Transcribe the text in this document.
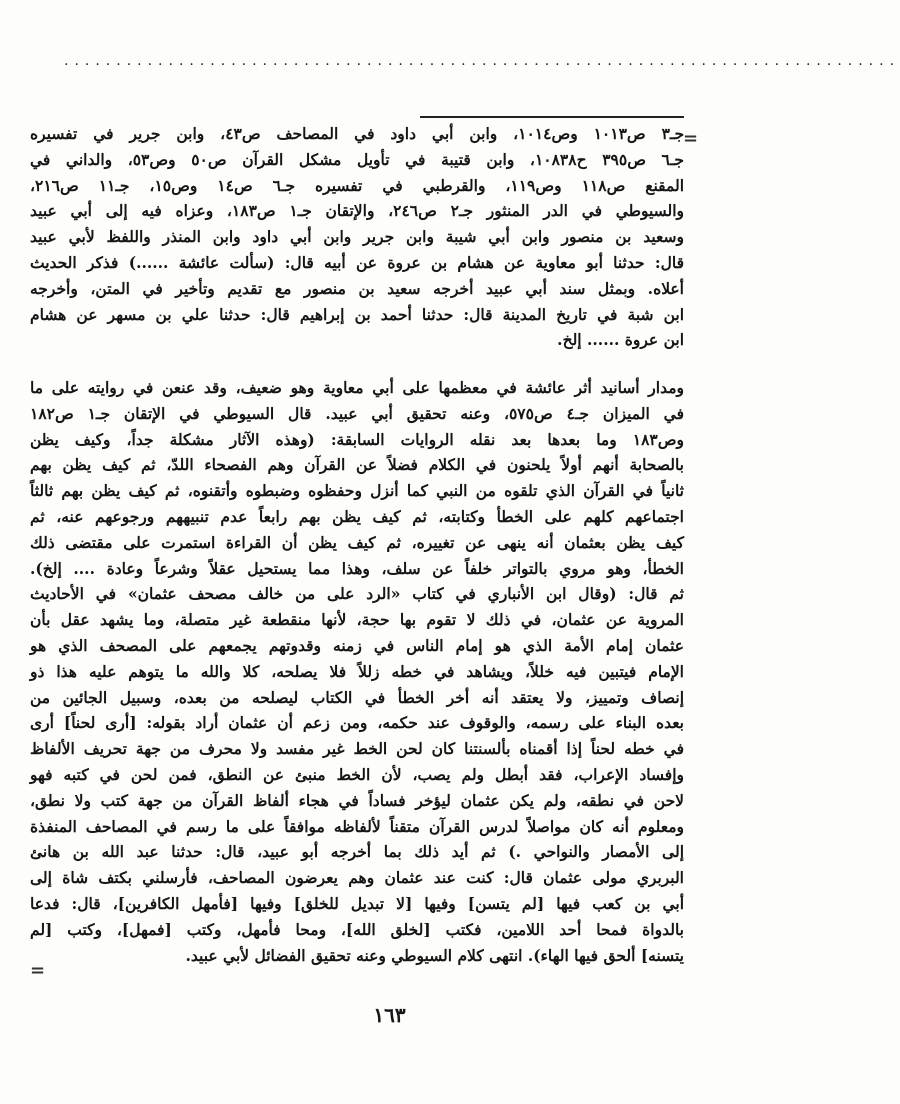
................................................................................
=
جـ٣ ص١٠١٣ وص١٠١٤، وابن أبي داود في المصاحف ص٤٣، وابن جرير في تفسيره
جـ٦ ص٣٩٥ ح١٠٨٣٨، وابن قتيبة في تأويل مشكل القرآن ص٥٠ وص٥٣، والداني في
المقنع ص١١٨ وص١١٩، والقرطبي في تفسيره جـ٦ ص١٤ وص١٥، جـ١١ ص٢١٦،
والسيوطي في الدر المنثور جـ٢ ص٢٤٦، والإتقان جـ١ ص١٨٣، وعزاه فيه إلى أبي عبيد
وسعيد بن منصور وابن أبي شيبة وابن جرير وابن أبي داود وابن المنذر واللفظ لأبي عبيد
قال: حدثنا أبو معاوية عن هشام بن عروة عن أبيه قال: (سألت عائشة ......) فذكر الحديث
أعلاه. وبمثل سند أبي عبيد أخرجه سعيد بن منصور مع تقديم وتأخير في المتن، وأخرجه
ابن شبة في تاريخ المدينة قال: حدثنا أحمد بن إبراهيم قال: حدثنا علي بن مسهر عن هشام
ابن عروة ...... إلخ.
ومدار أسانيد أثر عائشة في معظمها على أبي معاوية وهو ضعيف، وقد عنعن في روايته على ما
في الميزان جـ٤ ص٥٧٥، وعنه تحقيق أبي عبيد. قال السيوطي في الإتقان جـ١ ص١٨٢
وص١٨٣ وما بعدها بعد نقله الروايات السابقة: (وهذه الآثار مشكلة جداً، وكيف يظن
بالصحابة أنهم أولاً يلحنون في الكلام فضلاً عن القرآن وهم الفصحاء اللدّ، ثم كيف يظن بهم
ثانياً في القرآن الذي تلقوه من النبي كما أنزل وحفظوه وضبطوه وأتقنوه، ثم كيف يظن بهم ثالثاً
اجتماعهم كلهم على الخطأ وكتابته، ثم كيف يظن بهم رابعاً عدم تنبيههم ورجوعهم عنه، ثم
كيف يظن بعثمان أنه ينهى عن تغييره، ثم كيف يظن أن القراءة استمرت على مقتضى ذلك
الخطأ، وهو مروي بالتواتر خلفاً عن سلف، وهذا مما يستحيل عقلاً وشرعاً وعادة .... إلخ).
ثم قال: (وقال ابن الأنباري في كتاب «الرد على من خالف مصحف عثمان» في الأحاديث
المروية عن عثمان، في ذلك لا تقوم بها حجة، لأنها منقطعة غير متصلة، وما يشهد عقل بأن
عثمان إمام الأمة الذي هو إمام الناس في زمنه وقدوتهم يجمعهم على المصحف الذي هو
الإمام فيتبين فيه خللاً، ويشاهد في خطه زللاً فلا يصلحه، كلا والله ما يتوهم عليه هذا ذو
إنصاف وتمييز، ولا يعتقد أنه أخر الخطأ في الكتاب ليصلحه من بعده، وسبيل الجائين من
بعده البناء على رسمه، والوقوف عند حكمه، ومن زعم أن عثمان أراد بقوله: [أرى لحناً] أرى
في خطه لحناً إذا أقمناه بألسنتنا كان لحن الخط غير مفسد ولا محرف من جهة تحريف الألفاظ
وإفساد الإعراب، فقد أبطل ولم يصب، لأن الخط منبئ عن النطق، فمن لحن في كتبه فهو
لاحن في نطقه، ولم يكن عثمان ليؤخر فساداً في هجاء ألفاظ القرآن من جهة كتب ولا نطق،
ومعلوم أنه كان مواصلاً لدرس القرآن متقناً لألفاظه موافقاً على ما رسم في المصاحف المنفذة
إلى الأمصار والنواحي .) ثم أيد ذلك بما أخرجه أبو عبيد، قال: حدثنا عبد الله بن هانئ
البربري مولى عثمان قال: كنت عند عثمان وهم يعرضون المصاحف، فأرسلني بكتف شاة إلى
أبي بن كعب فيها [لم يتسن] وفيها [لا تبديل للخلق] وفيها [فأمهل الكافرين]، قال: فدعا
بالدواة فمحا أحد اللامين، فكتب [لخلق الله]، ومحا فأمهل، وكتب [فمهل]، وكتب [لم
يتسنه] ألحق فيها الهاء). انتهى كلام السيوطي وعنه تحقيق الفضائل لأبي عبيد.
=
١٦٣
